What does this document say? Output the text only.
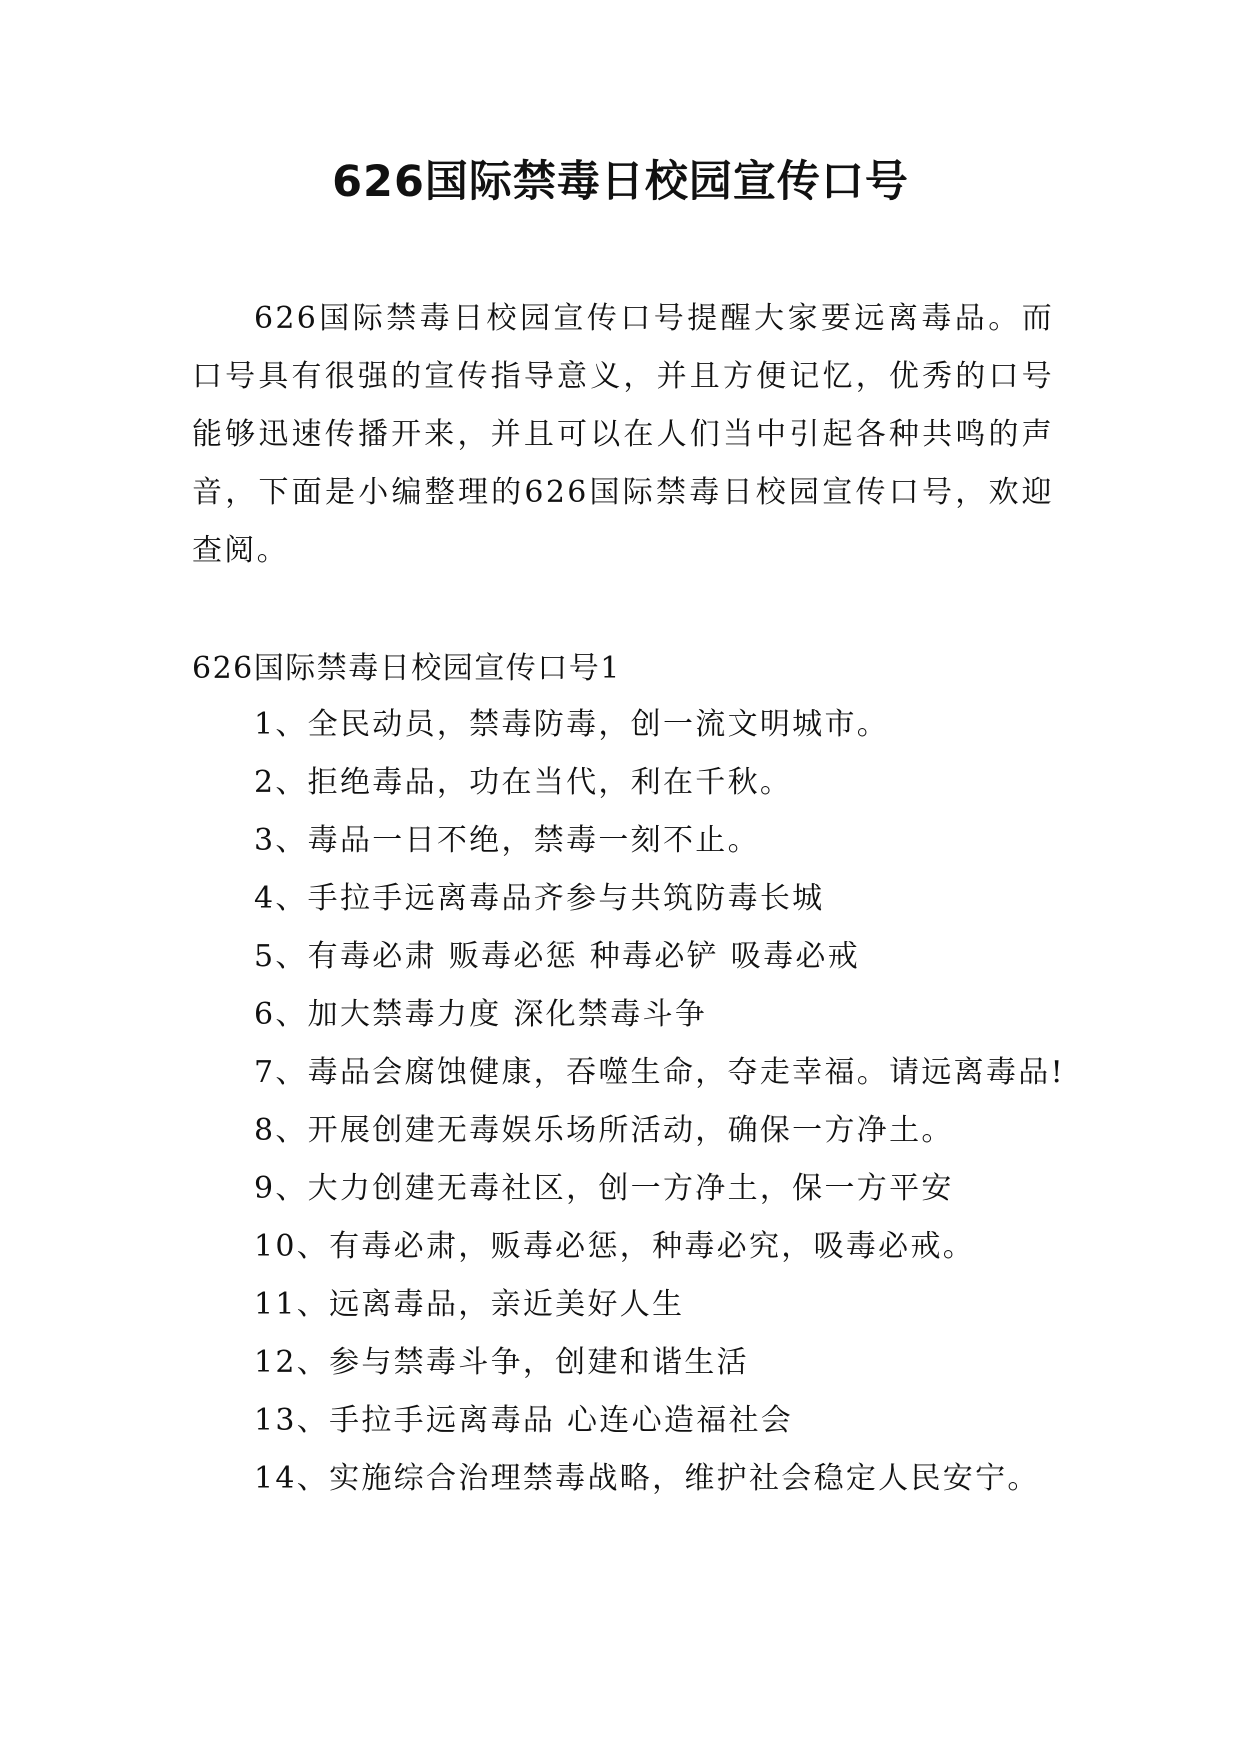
626国际禁毒日校园宣传口号

626国际禁毒日校园宣传口号提醒大家要远离毒品。而口号具有很强的宣传指导意义，并且方便记忆，优秀的口号能够迅速传播开来，并且可以在人们当中引起各种共鸣的声音，下面是小编整理的626国际禁毒日校园宣传口号，欢迎查阅。

626国际禁毒日校园宣传口号1
1、全民动员，禁毒防毒，创一流文明城市。
2、拒绝毒品，功在当代，利在千秋。
3、毒品一日不绝，禁毒一刻不止。
4、手拉手远离毒品齐参与共筑防毒长城
5、有毒必肃 贩毒必惩 种毒必铲 吸毒必戒
6、加大禁毒力度 深化禁毒斗争
7、毒品会腐蚀健康，吞噬生命，夺走幸福。请远离毒品!
8、开展创建无毒娱乐场所活动，确保一方净土。
9、大力创建无毒社区，创一方净土，保一方平安
10、有毒必肃，贩毒必惩，种毒必究，吸毒必戒。
11、远离毒品，亲近美好人生
12、参与禁毒斗争，创建和谐生活
13、手拉手远离毒品 心连心造福社会
14、实施综合治理禁毒战略，维护社会稳定人民安宁。
